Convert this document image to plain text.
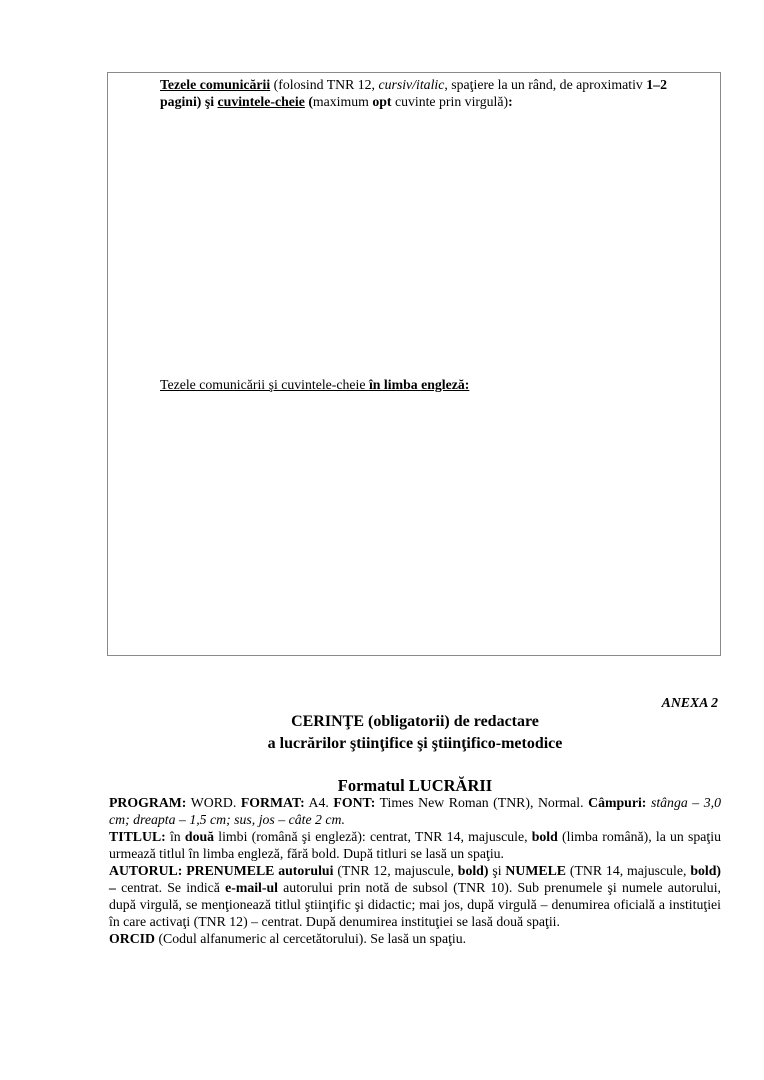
Tezele comunicării (folosind TNR 12, cursiv/italic, spaţiere la un rând, de aproximativ 1–2 pagini) şi cuvintele-cheie (maximum opt cuvinte prin virgulă):

Tezele comunicării şi cuvintele-cheie în limba engleză:

ANEXA 2
CERINŢE (obligatorii) de redactare
a lucrărilor ştiinţifice şi ştiinţifico-metodice
Formatul LUCRĂRII

PROGRAM: WORD. FORMAT: A4. FONT: Times New Roman (TNR), Normal. Câmpuri: stânga – 3,0 cm; dreapta – 1,5 cm; sus, jos – câte 2 cm.

TITLUL: în două limbi (română şi engleză): centrat, TNR 14, majuscule, bold (limba română), la un spaţiu urmează titlul în limba engleză, fără bold. După titluri se lasă un spaţiu.

AUTORUL: PRENUMELE autorului (TNR 12, majuscule, bold) şi NUMELE (TNR 14, majuscule, bold) – centrat. Se indică e-mail-ul autorului prin notă de subsol (TNR 10). Sub prenumele şi numele autorului, după virgulă, se menţionează titlul ştiinţific şi didactic; mai jos, după virgulă – denumirea oficială a instituţiei în care activaţi (TNR 12) – centrat. După denumirea instituţiei se lasă două spaţii.

ORCID (Codul alfanumeric al cercetătorului). Se lasă un spaţiu.
